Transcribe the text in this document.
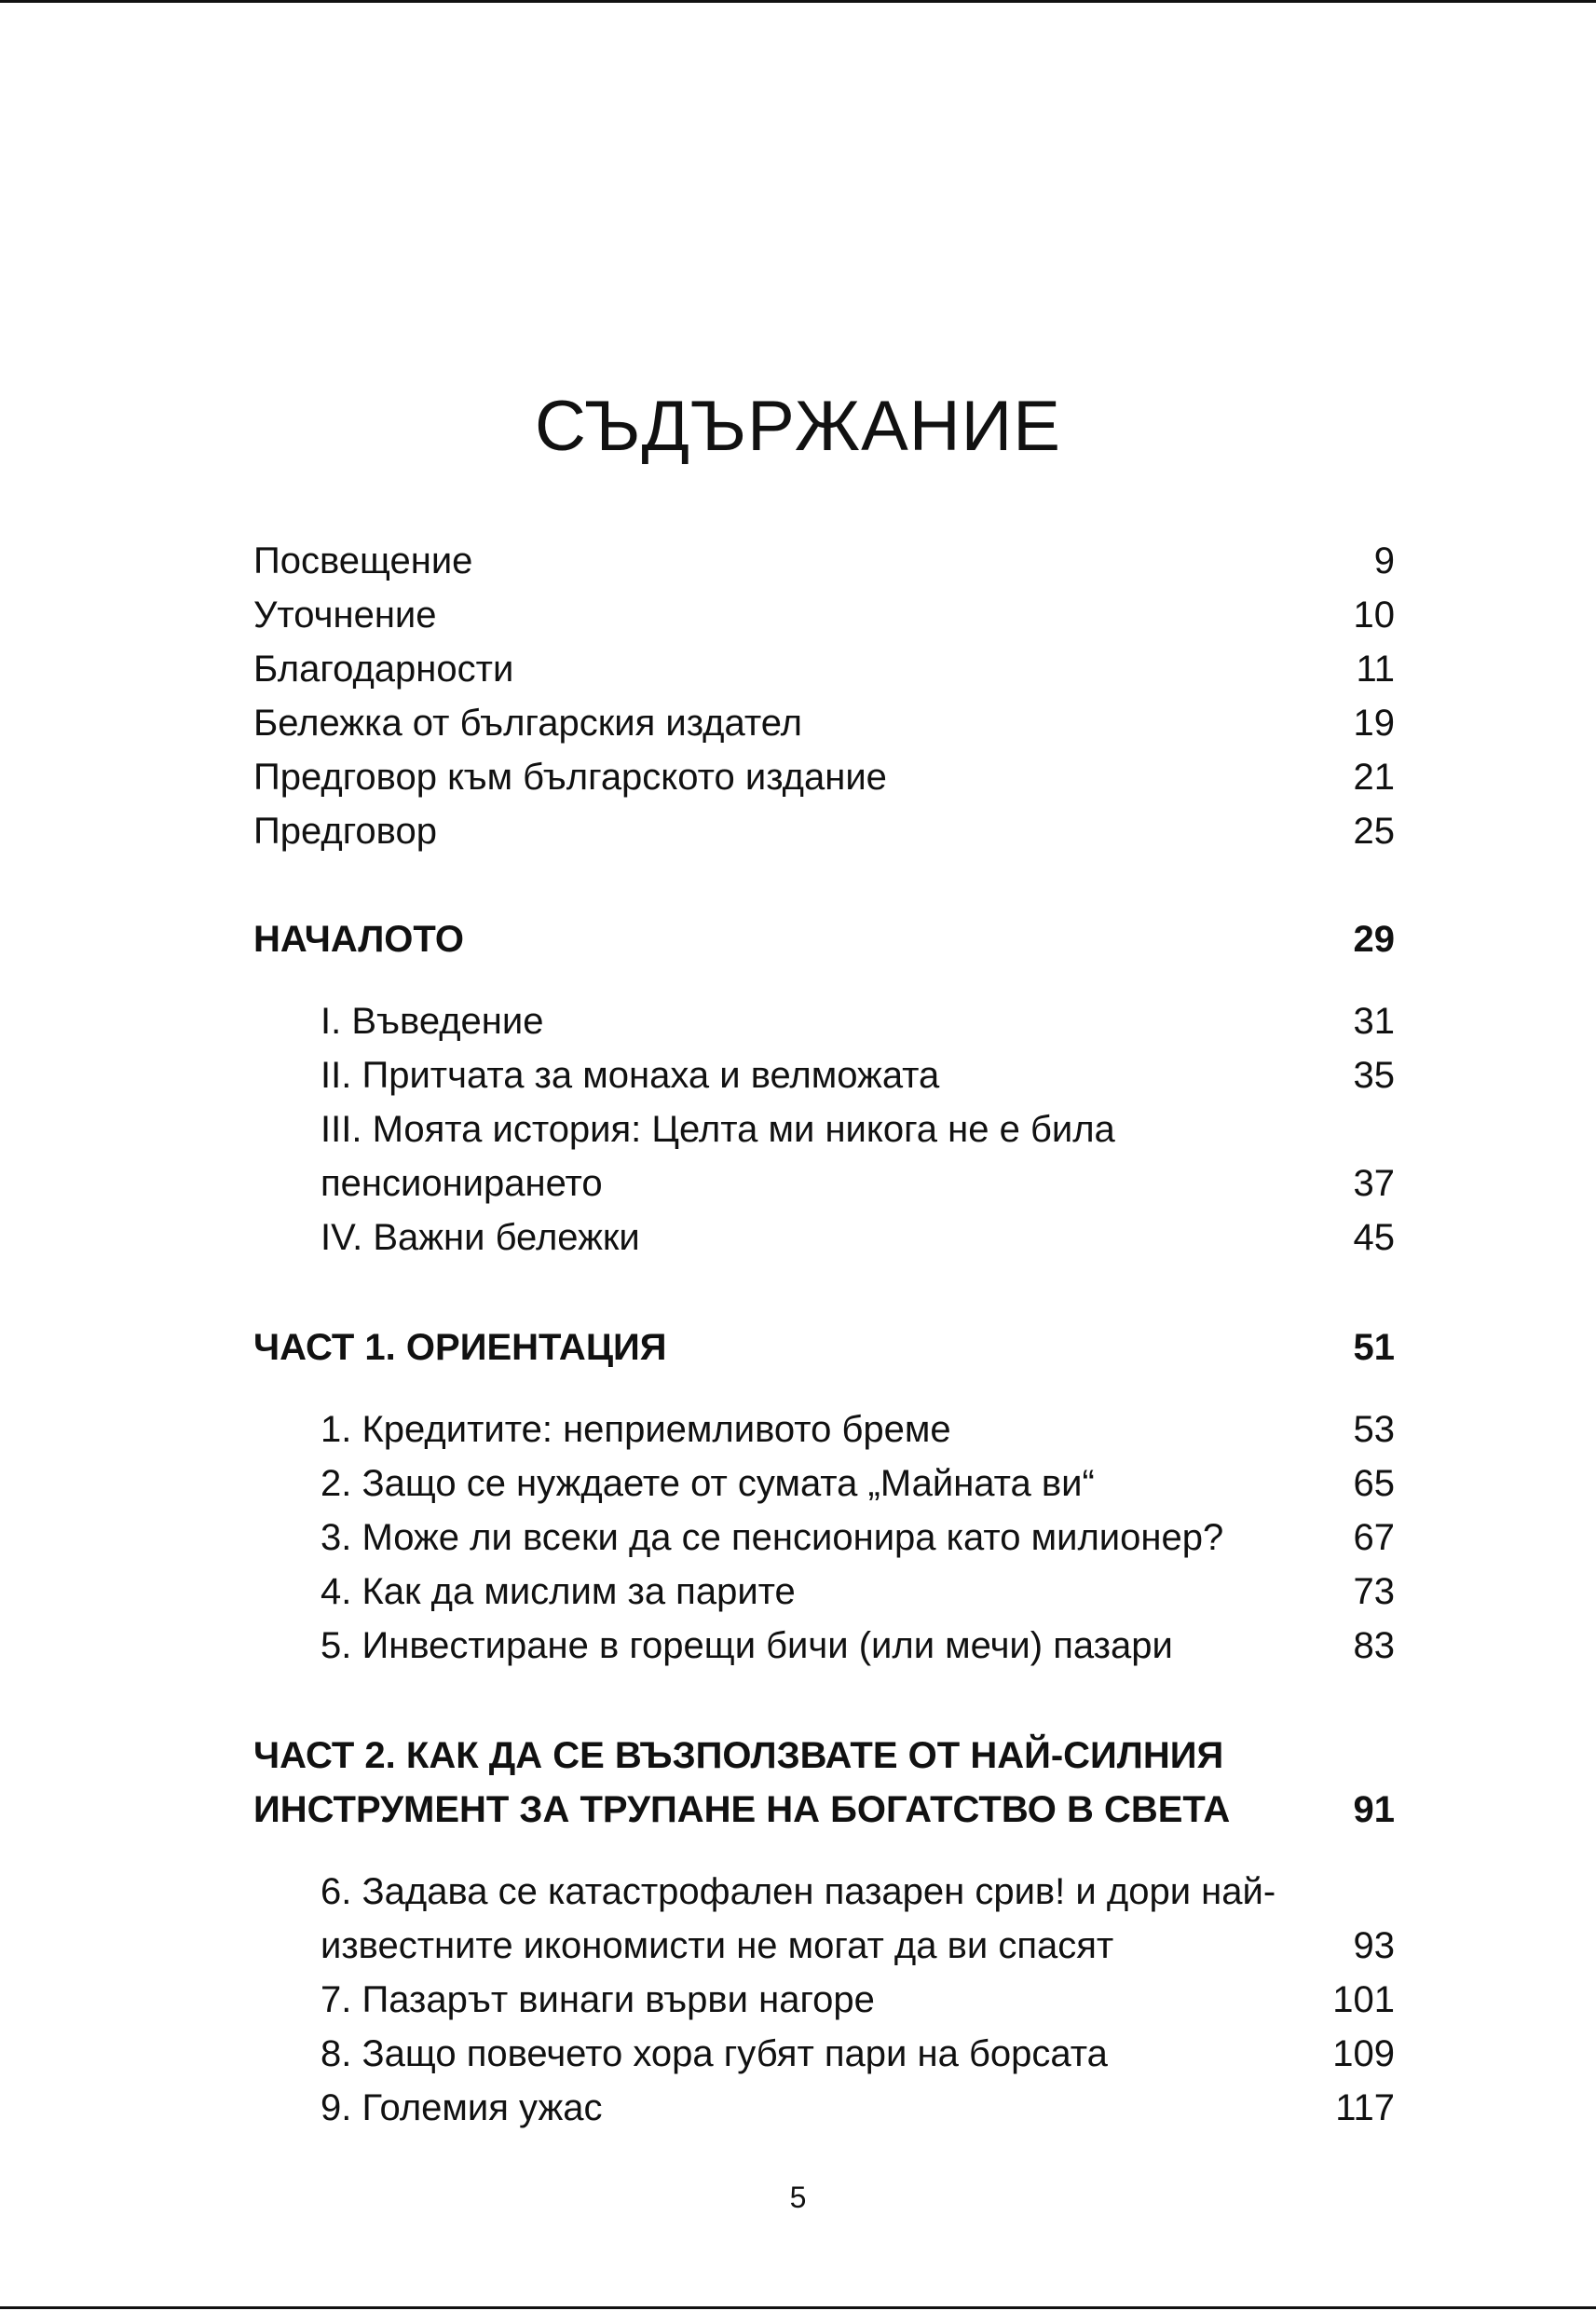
СЪДЪРЖАНИЕ
Посвещение	9
Уточнение	10
Благодарности	11
Бележка от българския издател	19
Предговор към българското издание	21
Предговор	25
НАЧАЛОТО	29
I. Въведение	31
II. Притчата за монаха и велможата	35
III. Моята история: Целта ми никога не е била
пенсионирането	37
IV. Важни бележки	45
ЧАСТ 1. ОРИЕНТАЦИЯ	51
1. Кредитите: неприемливото бреме	53
2. Защо се нуждаете от сумата „Майната ви“	65
3. Може ли всеки да се пенсионира като милионер?	67
4. Как да мислим за парите	73
5. Инвестиране в горещи бичи (или мечи) пазари	83
ЧАСТ 2. КАК ДА СЕ ВЪЗПОЛЗВАТЕ ОТ НАЙ-СИЛНИЯ
ИНСТРУМЕНТ ЗА ТРУПАНЕ НА БОГАТСТВО В СВЕТА	91
6. Задава се катастрофален пазарен срив! и дори най-
известните икономисти не могат да ви спасят	93
7. Пазарът винаги върви нагоре	101
8. Защо повечето хора губят пари на борсата	109
9. Големия ужас	117
5
